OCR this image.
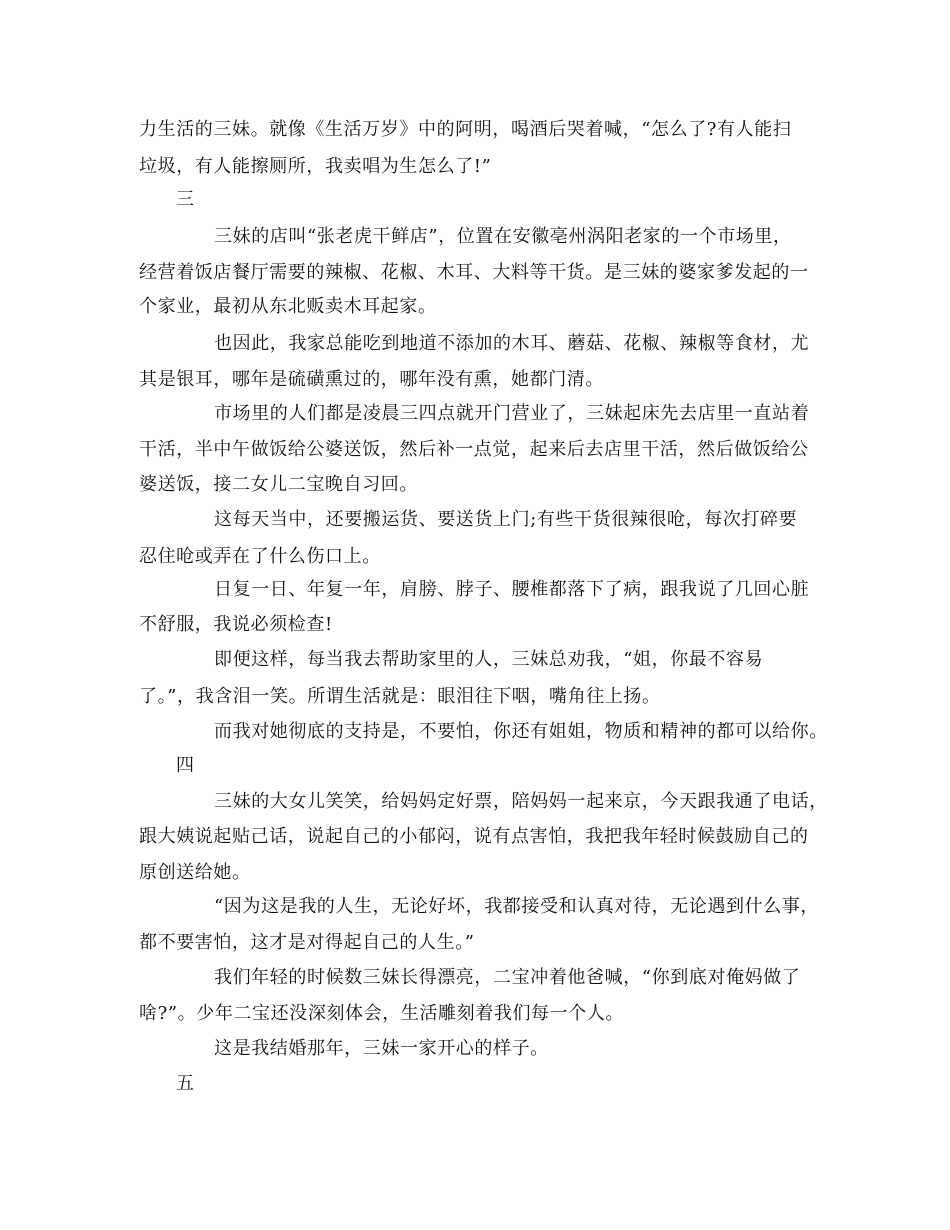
力生活的三妹。就像《生活万岁》中的阿明，喝酒后哭着喊，“怎么了?有人能扫
垃圾，有人能擦厕所，我卖唱为生怎么了!”
三
三妹的店叫“张老虎干鲜店”，位置在安徽亳州涡阳老家的一个市场里，
经营着饭店餐厅需要的辣椒、花椒、木耳、大料等干货。是三妹的婆家爹发起的一
个家业，最初从东北贩卖木耳起家。
也因此，我家总能吃到地道不添加的木耳、蘑菇、花椒、辣椒等食材，尤
其是银耳，哪年是硫磺熏过的，哪年没有熏，她都门清。
市场里的人们都是凌晨三四点就开门营业了，三妹起床先去店里一直站着
干活，半中午做饭给公婆送饭，然后补一点觉，起来后去店里干活，然后做饭给公
婆送饭，接二女儿二宝晚自习回。
这每天当中，还要搬运货、要送货上门;有些干货很辣很呛，每次打碎要
忍住呛或弄在了什么伤口上。
日复一日、年复一年，肩膀、脖子、腰椎都落下了病，跟我说了几回心脏
不舒服，我说必须检查!
即便这样，每当我去帮助家里的人，三妹总劝我，“姐，你最不容易
了。”，我含泪一笑。所谓生活就是：眼泪往下咽，嘴角往上扬。
而我对她彻底的支持是，不要怕，你还有姐姐，物质和精神的都可以给你。
四
三妹的大女儿笑笑，给妈妈定好票，陪妈妈一起来京，今天跟我通了电话，
跟大姨说起贴己话，说起自己的小郁闷，说有点害怕，我把我年轻时候鼓励自己的
原创送给她。
“因为这是我的人生，无论好坏，我都接受和认真对待，无论遇到什么事，
都不要害怕，这才是对得起自己的人生。”
我们年轻的时候数三妹长得漂亮，二宝冲着他爸喊，“你到底对俺妈做了
啥?”。少年二宝还没深刻体会，生活雕刻着我们每一个人。
这是我结婚那年，三妹一家开心的样子。
五
